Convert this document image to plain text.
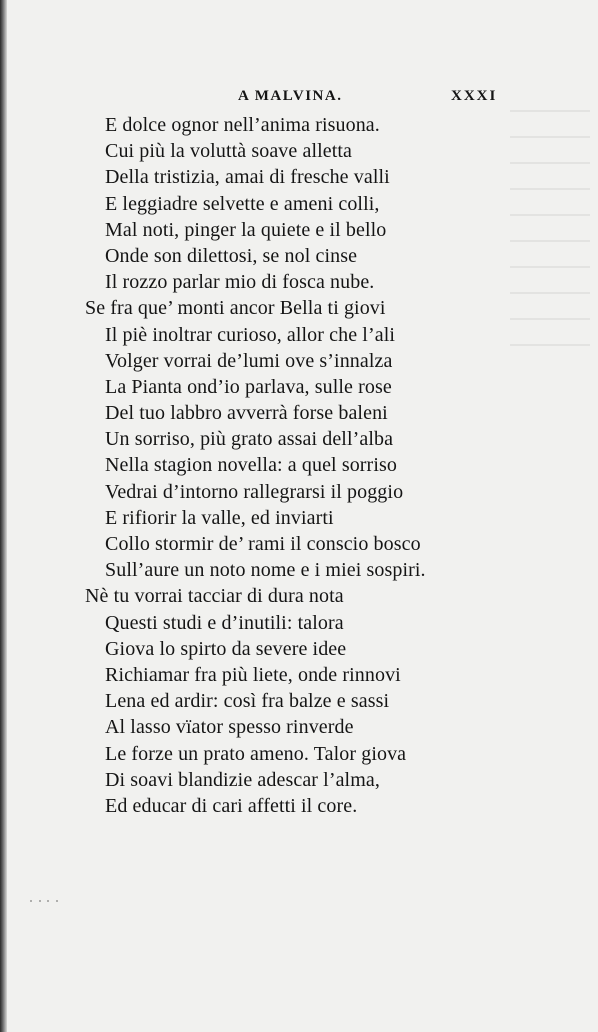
A MALVINA.	XXXI
E dolce ognor nell’anima risuona.
Cui più la voluttà soave alletta
Della tristizia, amai di fresche valli
E leggiadre selvette e ameni colli,
Mal noti, pinger la quiete e il bello
Onde son dilettosi, se nol cinse
Il rozzo parlar mio di fosca nube.
Se fra que’ monti ancor Bella ti giovi
Il piè inoltrar curioso, allor che l’ali
Volger vorrai de’lumi ove s’innalza
La Pianta ond’io parlava, sulle rose
Del tuo labbro avverrà forse baleni
Un sorriso, più grato assai dell’alba
Nella stagion novella: a quel sorriso
Vedrai d’intorno rallegrarsi il poggio
E rifiorir la valle, ed inviarti
Collo stormir de’ rami il conscio bosco
Sull’aure un noto nome e i miei sospiri.
Nè tu vorrai tacciar di dura nota
Questi studi e d’inutili: talora
Giova lo spirto da severe idee
Richiamar fra più liete, onde rinnovi
Lena ed ardir: così fra balze e sassi
Al lasso vïator spesso rinverde
Le forze un prato ameno. Talor giova
Di soavi blandizie adescar l’alma,
Ed educar di cari affetti il core.
